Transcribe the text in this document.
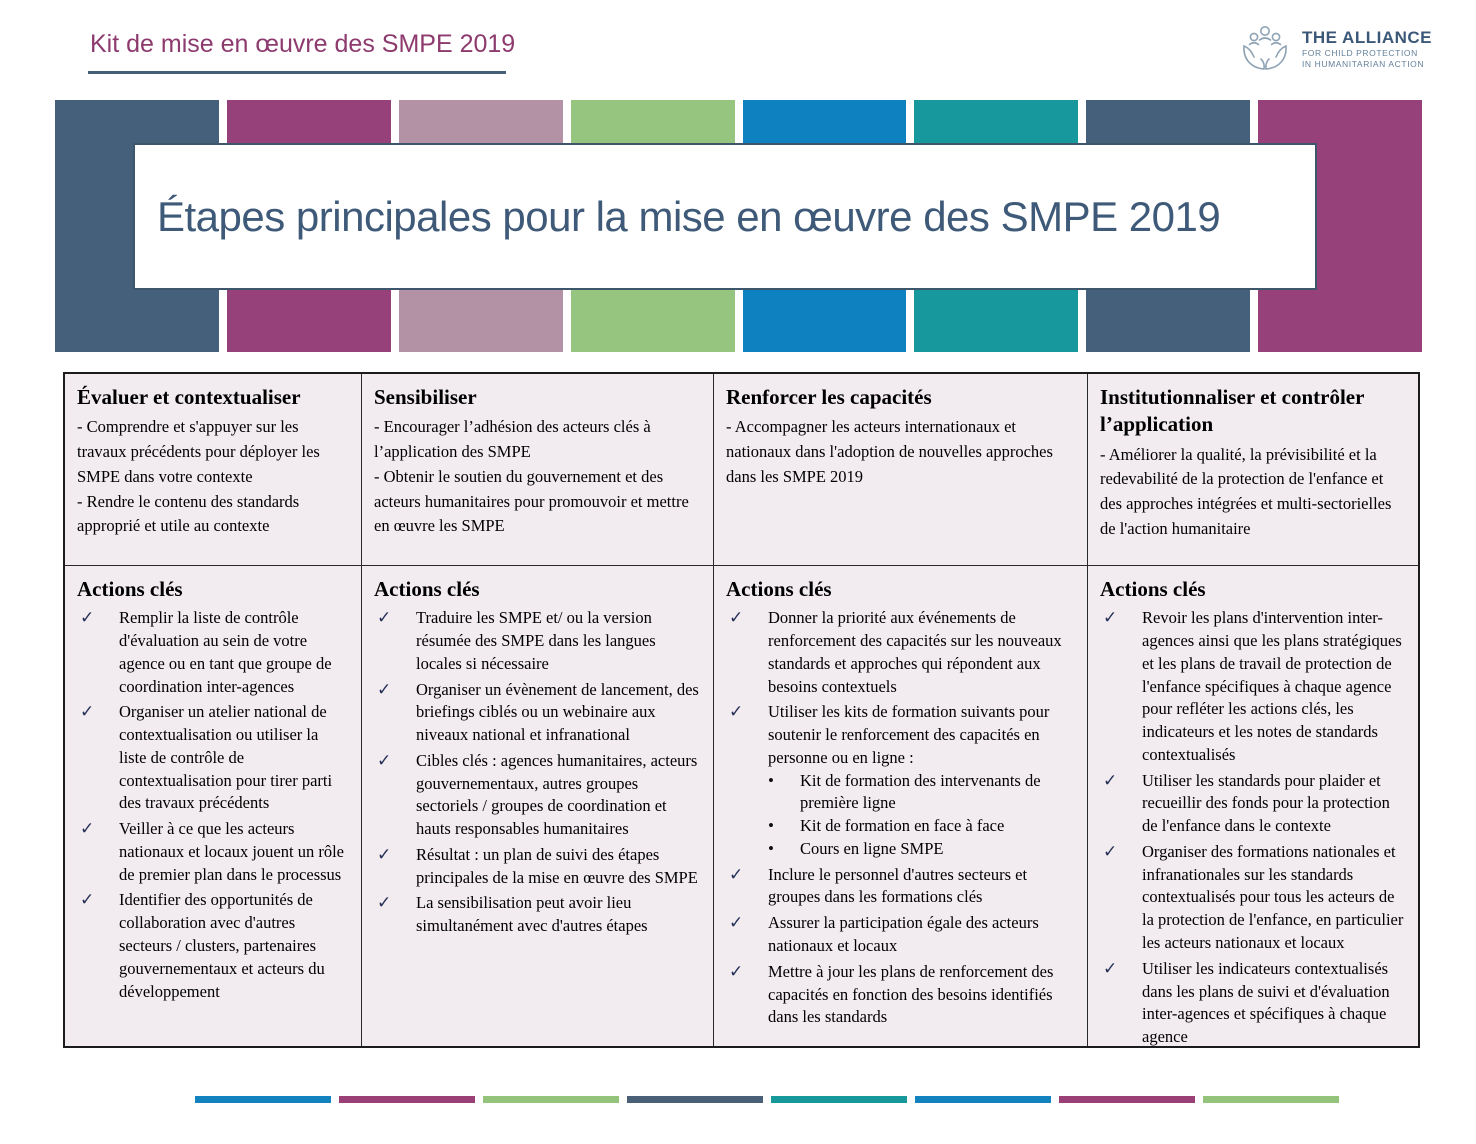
Kit de mise en œuvre des SMPE 2019	THE ALLIANCE
FOR CHILD PROTECTION
IN HUMANITARIAN ACTION
Étapes principales pour la mise en œuvre des SMPE 2019
Évaluer et contextualiser
- Comprendre et s'appuyer sur les travaux précédents pour déployer les SMPE dans votre contexte
- Rendre le contenu des standards approprié et utile au contexte
Sensibiliser
- Encourager l’adhésion des acteurs clés à l’application des SMPE
- Obtenir le soutien du gouvernement et des acteurs humanitaires pour promouvoir et mettre en œuvre les SMPE
Renforcer les capacités
- Accompagner les acteurs internationaux et nationaux dans l'adoption de nouvelles approches dans les SMPE 2019
Institutionnaliser et contrôler l’application
- Améliorer la qualité, la prévisibilité et la redevabilité de la protection de l'enfance et des approches intégrées et multi-sectorielles de l'action humanitaire
Actions clés
✓ Remplir la liste de contrôle d'évaluation au sein de votre agence ou en tant que groupe de coordination inter-agences
✓ Organiser un atelier national de contextualisation ou utiliser la liste de contrôle de contextualisation pour tirer parti des travaux précédents
✓ Veiller à ce que les acteurs nationaux et locaux jouent un rôle de premier plan dans le processus
✓ Identifier des opportunités de collaboration avec d'autres secteurs / clusters, partenaires gouvernementaux et acteurs du développement
Actions clés
✓ Traduire les SMPE et/ ou la version résumée des SMPE dans les langues locales si nécessaire
✓ Organiser un évènement de lancement, des briefings ciblés ou un webinaire aux niveaux national et infranational
✓ Cibles clés : agences humanitaires, acteurs gouvernementaux, autres groupes sectoriels / groupes de coordination et hauts responsables humanitaires
✓ Résultat : un plan de suivi des étapes principales de la mise en œuvre des SMPE
✓ La sensibilisation peut avoir lieu simultanément avec d'autres étapes
Actions clés
✓ Donner la priorité aux événements de renforcement des capacités sur les nouveaux standards et approches qui répondent aux besoins contextuels
✓ Utiliser les kits de formation suivants pour soutenir le renforcement des capacités en personne ou en ligne :
• Kit de formation des intervenants de première ligne
• Kit de formation en face à face
• Cours en ligne SMPE
✓ Inclure le personnel d'autres secteurs et groupes dans les formations clés
✓ Assurer la participation égale des acteurs nationaux et locaux
✓ Mettre à jour les plans de renforcement des capacités en fonction des besoins identifiés dans les standards
Actions clés
✓ Revoir les plans d'intervention inter-agences ainsi que les plans stratégiques et les plans de travail de protection de l'enfance spécifiques à chaque agence pour refléter les actions clés, les indicateurs et les notes de standards contextualisés
✓ Utiliser les standards pour plaider et recueillir des fonds pour la protection de l'enfance dans le contexte
✓ Organiser des formations nationales et infranationales sur les standards contextualisés pour tous les acteurs de la protection de l'enfance, en particulier les acteurs nationaux et locaux
✓ Utiliser les indicateurs contextualisés dans les plans de suivi et d'évaluation inter-agences et spécifiques à chaque agence
